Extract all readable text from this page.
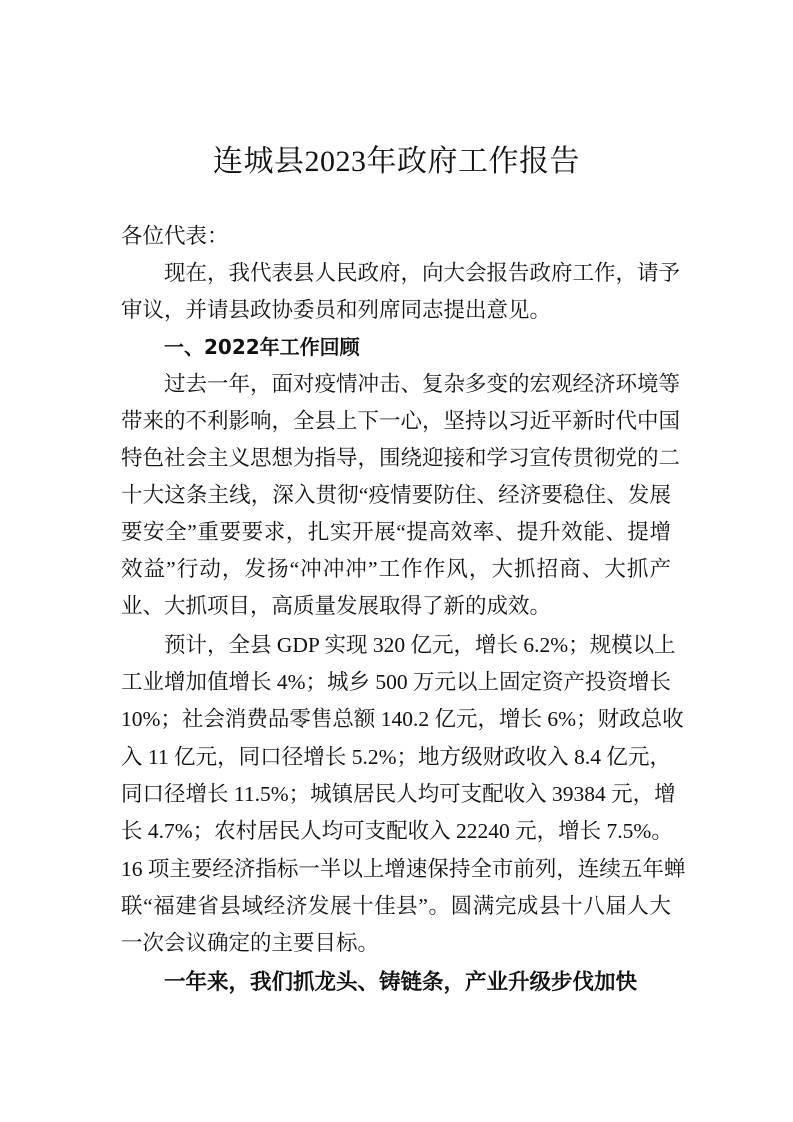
连城县2023年政府工作报告
各位代表：
现在，我代表县人民政府，向大会报告政府工作，请予
审议，并请县政协委员和列席同志提出意见。
一、2022年工作回顾
过去一年，面对疫情冲击、复杂多变的宏观经济环境等
带来的不利影响，全县上下一心，坚持以习近平新时代中国
特色社会主义思想为指导，围绕迎接和学习宣传贯彻党的二
十大这条主线，深入贯彻“疫情要防住、经济要稳住、发展
要安全”重要要求，扎实开展“提高效率、提升效能、提增
效益”行动，发扬“冲冲冲”工作作风，大抓招商、大抓产
业、大抓项目，高质量发展取得了新的成效。
预计，全县 GDP 实现 320 亿元，增长 6.2%；规模以上
工业增加值增长 4%；城乡 500 万元以上固定资产投资增长
10%；社会消费品零售总额 140.2 亿元，增长 6%；财政总收
入 11 亿元，同口径增长 5.2%；地方级财政收入 8.4 亿元，
同口径增长 11.5%；城镇居民人均可支配收入 39384 元，增
长 4.7%；农村居民人均可支配收入 22240 元，增长 7.5%。
16 项主要经济指标一半以上增速保持全市前列，连续五年蝉
联“福建省县域经济发展十佳县”。圆满完成县十八届人大
一次会议确定的主要目标。
一年来，我们抓龙头、铸链条，产业升级步伐加快
